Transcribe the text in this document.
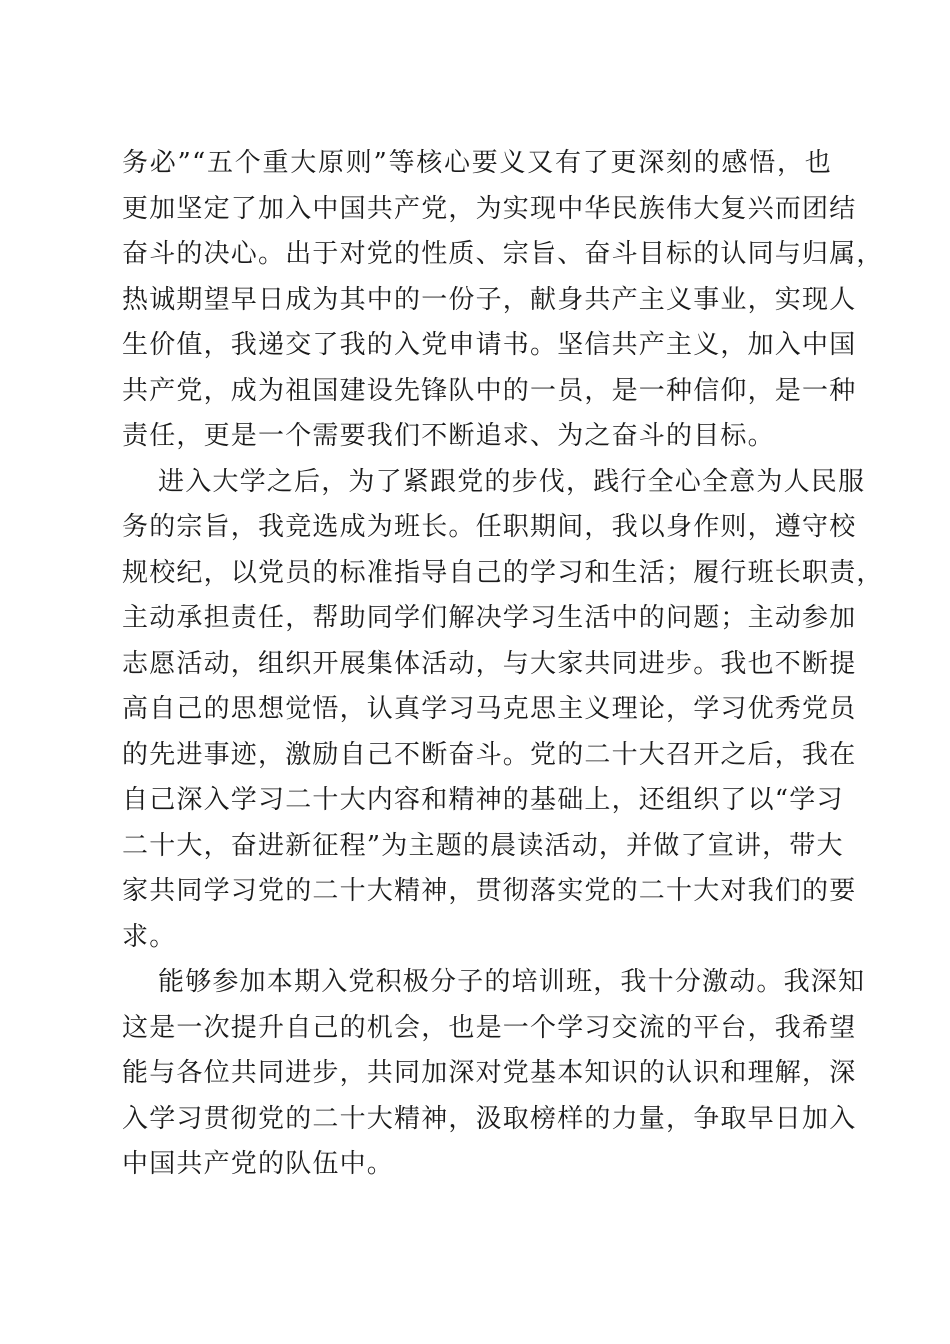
务必”“五个重大原则”等核心要义又有了更深刻的感悟，也
更加坚定了加入中国共产党，为实现中华民族伟大复兴而团结
奋斗的决心。出于对党的性质、宗旨、奋斗目标的认同与归属，
热诚期望早日成为其中的一份子，献身共产主义事业，实现人
生价值，我递交了我的入党申请书。坚信共产主义，加入中国
共产党，成为祖国建设先锋队中的一员，是一种信仰，是一种
责任，更是一个需要我们不断追求、为之奋斗的目标。
进入大学之后，为了紧跟党的步伐，践行全心全意为人民服
务的宗旨，我竞选成为班长。任职期间，我以身作则，遵守校
规校纪，以党员的标准指导自己的学习和生活；履行班长职责，
主动承担责任，帮助同学们解决学习生活中的问题；主动参加
志愿活动，组织开展集体活动，与大家共同进步。我也不断提
高自己的思想觉悟，认真学习马克思主义理论，学习优秀党员
的先进事迹，激励自己不断奋斗。党的二十大召开之后，我在
自己深入学习二十大内容和精神的基础上，还组织了以“学习
二十大，奋进新征程”为主题的晨读活动，并做了宣讲，带大
家共同学习党的二十大精神，贯彻落实党的二十大对我们的要
求。
能够参加本期入党积极分子的培训班，我十分激动。我深知
这是一次提升自己的机会，也是一个学习交流的平台，我希望
能与各位共同进步，共同加深对党基本知识的认识和理解，深
入学习贯彻党的二十大精神，汲取榜样的力量，争取早日加入
中国共产党的队伍中。
